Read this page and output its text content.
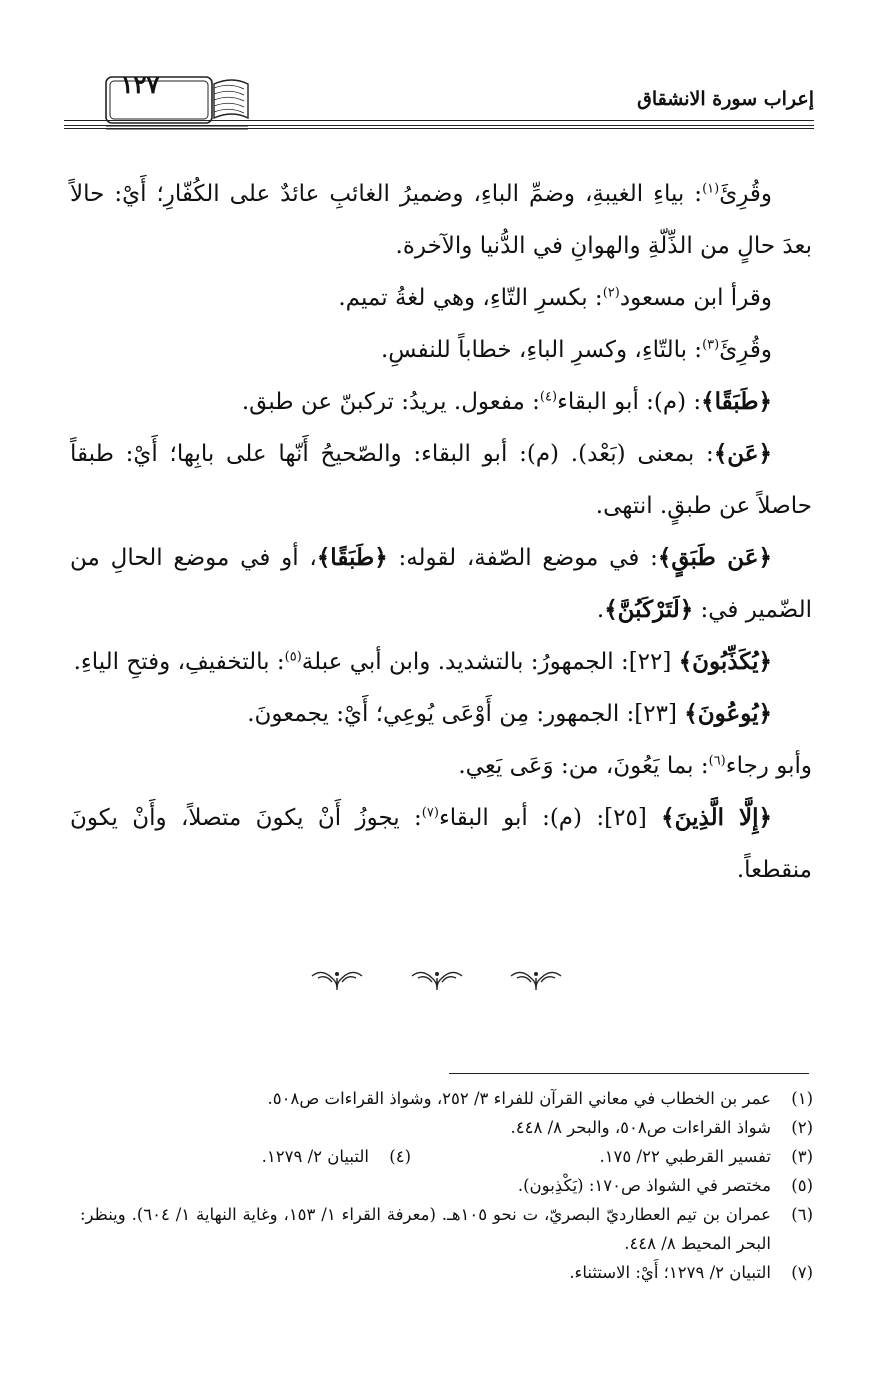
١٢٧	إعراب سورة الانشقاق

وقُرِئَ$^{(١)}$: بياءِ الغيبةِ، وضمِّ الباءِ، وضميرُ الغائبِ عائدٌ على الكُفّارِ؛ أَيْ: حالاً بعدَ حالٍ من الذِّلّةِ والهوانِ في الدُّنيا والآخرة.

وقرأ ابن مسعود$^{(٢)}$: بكسرِ التّاءِ، وهي لغةُ تميم.

وقُرِئَ$^{(٣)}$: بالتّاءِ، وكسرِ الباءِ، خطاباً للنفسِ.

﴿طَبَقًا﴾: (م): أبو البقاء$^{(٤)}$: مفعول. يريدُ: تركبنّ عن طبق.

﴿عَن﴾: بمعنى (بَعْد). (م): أبو البقاء: والصّحيحُ أَنّها على بابِها؛ أَيْ: طبقاً حاصلاً عن طبقٍ. انتهى.

﴿عَن طَبَقٍ﴾: في موضع الصّفة، لقوله: ﴿طَبَقًا﴾، أو في موضع الحالِ من الضّمير في: ﴿لَتَرْكَبُنَّ﴾.

﴿يُكَذِّبُونَ﴾ [٢٢]: الجمهورُ: بالتشديد. وابن أبي عبلة$^{(٥)}$: بالتخفيفِ، وفتحِ الياءِ.

﴿يُوعُونَ﴾ [٢٣]: الجمهور: مِن أَوْعَى يُوعِي؛ أَيْ: يجمعونَ.

وأبو رجاء$^{(٦)}$: بما يَعُونَ، من: وَعَى يَعِي.

﴿إِلَّا الَّذِينَ﴾ [٢٥]: (م): أبو البقاء$^{(٧)}$: يجوزُ أَنْ يكونَ متصلاً، وأَنْ يكونَ منقطعاً.

(١)
عمر بن الخطاب في معاني القرآن للفراء ٣/ ٢٥٢، وشواذ القراءات ص٥٠٨.

(٢)
شواذ القراءات ص٥٠٨، والبحر ٨/ ٤٤٨.

(٣)
تفسير القرطبي ٢٢/ ١٧٥.
(٤)
التبيان ٢/ ١٢٧٩.

(٥)
مختصر في الشواذ ص١٧٠: (يَكْذِبون).

(٦)
عمران بن تيم العطارديّ البصريّ، ت نحو ١٠٥هـ. (معرفة القراء ١/ ١٥٣، وغاية النهاية ١/ ٦٠٤). وينظر: البحر المحيط ٨/ ٤٤٨.

(٧)
التبيان ٢/ ١٢٧٩؛ أَيْ: الاستثناء.
